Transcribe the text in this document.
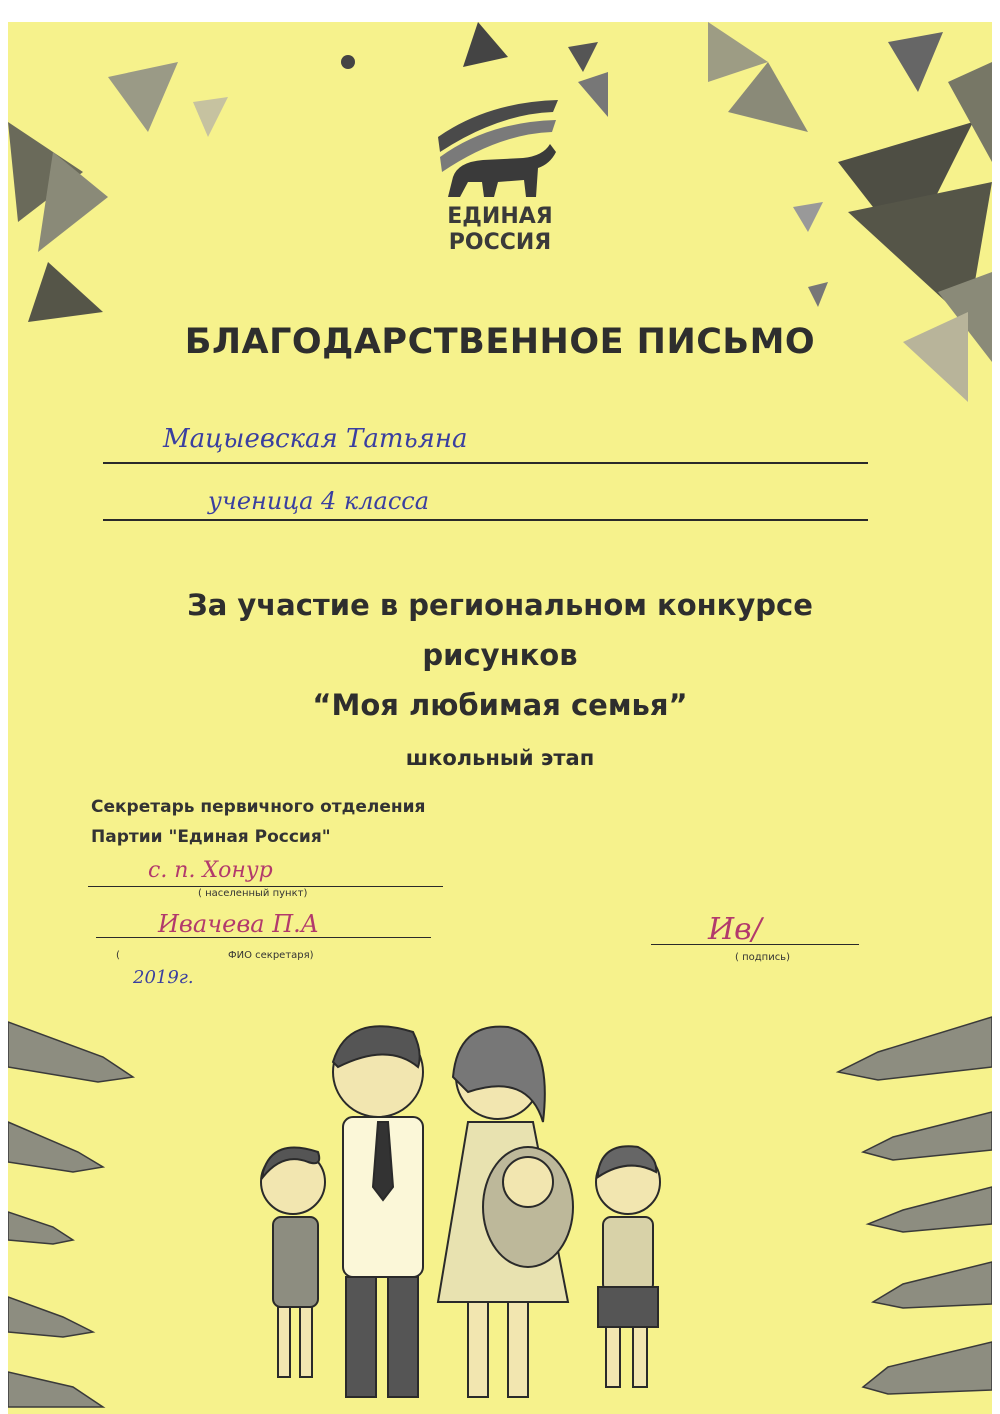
ЕДИНАЯ
РОССИЯ
БЛАГОДАРСТВЕННОЕ ПИСЬМО
Мацыевская Татьяна
ученица 4 класса
За участие в региональном конкурсе
рисунков
“Моя любимая семья”
школьный этап
Секретарь первичного отделения
Партии "Единая Россия"
с. п. Хонур
( населенный пункт)
Ивачева П.А
(	ФИО секретаря)
2019г.
Ив/
( подпись)
